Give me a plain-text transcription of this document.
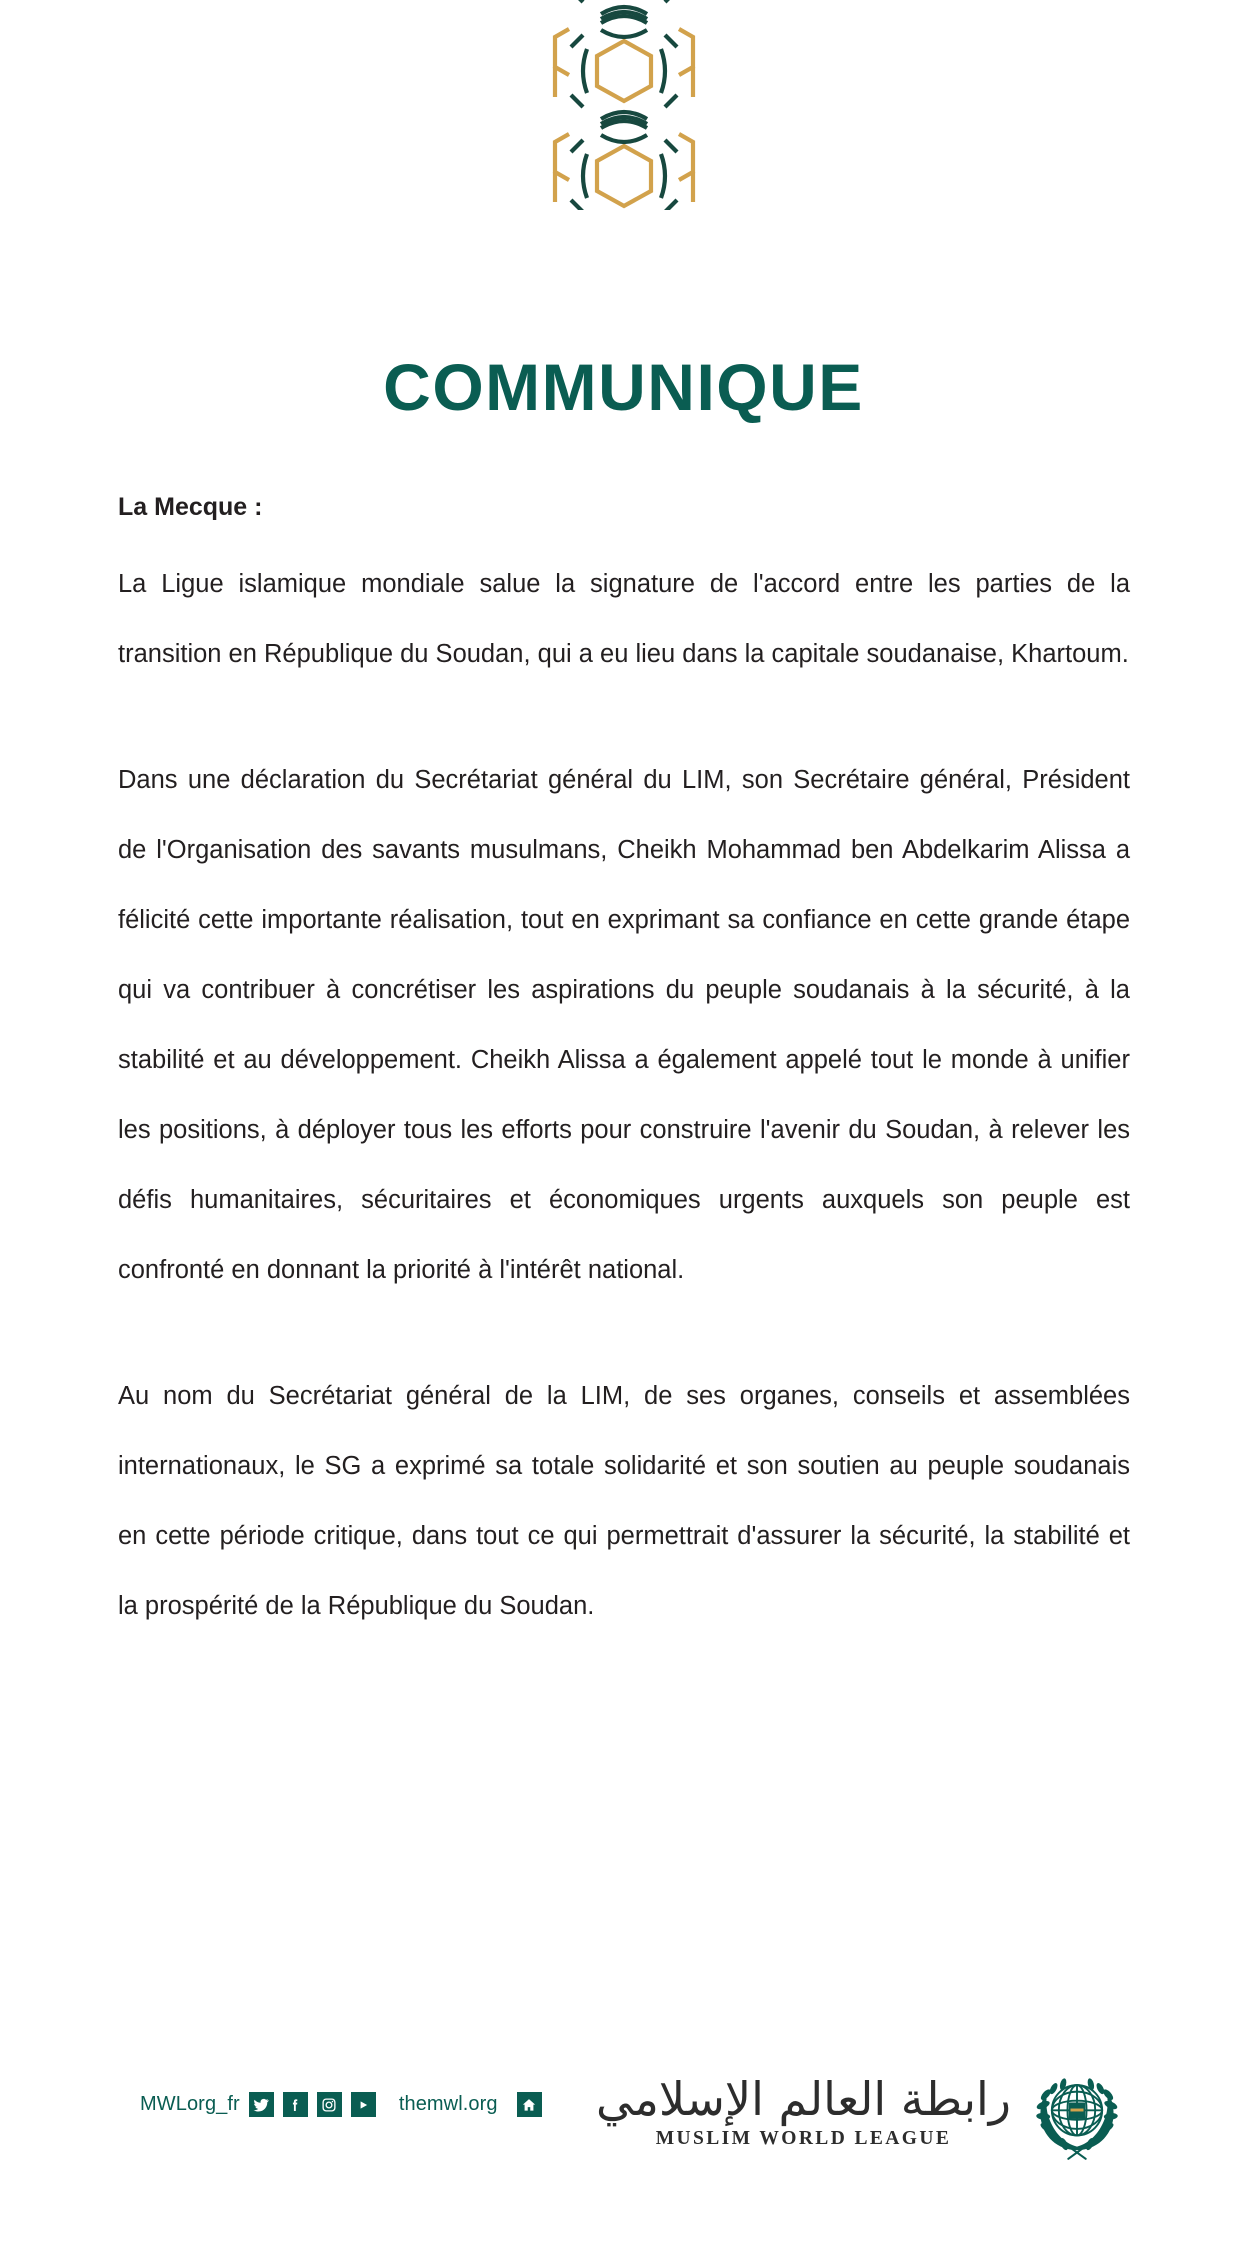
COMMUNIQUE

La Mecque :

La Ligue islamique mondiale salue la signature de l'accord entre les parties de la transition en République du Soudan, qui a eu lieu dans la capitale soudanaise, Khartoum.

Dans une déclaration du Secrétariat général du LIM, son Secrétaire général, Président de l'Organisation des savants musulmans, Cheikh Mohammad ben Abdelkarim Alissa a félicité cette importante réalisation, tout en exprimant sa confiance en cette grande étape qui va contribuer à concrétiser les aspirations du peuple soudanais à la sécurité, à la stabilité et au développement. Cheikh Alissa a également appelé tout le monde à unifier les positions, à déployer tous les efforts pour construire l'avenir du Soudan, à relever les défis humanitaires, sécuritaires et économiques urgents auxquels son peuple est confronté en donnant la priorité à l'intérêt national.

Au nom du Secrétariat général de la LIM, de ses organes, conseils et assemblées internationaux, le SG a exprimé sa totale solidarité et son soutien au peuple soudanais en cette période critique, dans tout ce qui permettrait d'assurer la sécurité, la stabilité et la prospérité de la République du Soudan.

MWLorg_fr	themwl.org رابطة العالم الإسلامي
MUSLIM WORLD LEAGUE
